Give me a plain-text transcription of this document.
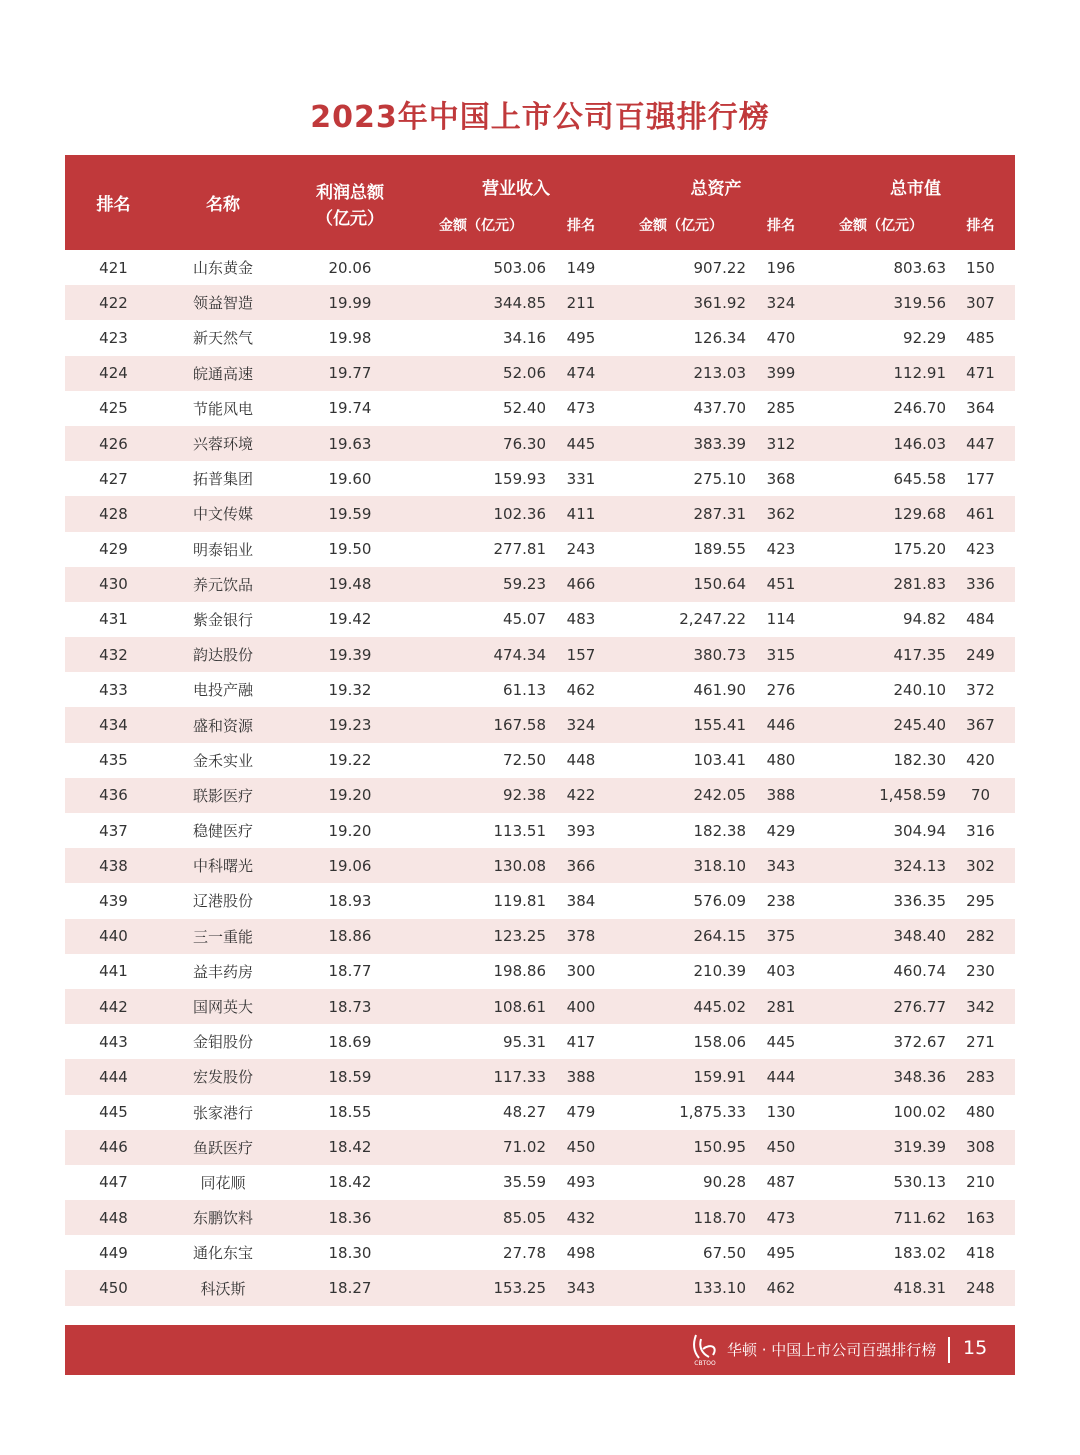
2023年中国上市公司百强排行榜
排名	名称	利润总额
（亿元）	营业收入		总资产		总市值	
			金额（亿元）	排名	金额（亿元）	排名	金额（亿元）	排名
421	山东黄金	20.06	503.06	149	907.22	196	803.63	150
422	领益智造	19.99	344.85	211	361.92	324	319.56	307
423	新天然气	19.98	34.16	495	126.34	470	92.29	485
424	皖通高速	19.77	52.06	474	213.03	399	112.91	471
425	节能风电	19.74	52.40	473	437.70	285	246.70	364
426	兴蓉环境	19.63	76.30	445	383.39	312	146.03	447
427	拓普集团	19.60	159.93	331	275.10	368	645.58	177
428	中文传媒	19.59	102.36	411	287.31	362	129.68	461
429	明泰铝业	19.50	277.81	243	189.55	423	175.20	423
430	养元饮品	19.48	59.23	466	150.64	451	281.83	336
431	紫金银行	19.42	45.07	483	2,247.22	114	94.82	484
432	韵达股份	19.39	474.34	157	380.73	315	417.35	249
433	电投产融	19.32	61.13	462	461.90	276	240.10	372
434	盛和资源	19.23	167.58	324	155.41	446	245.40	367
435	金禾实业	19.22	72.50	448	103.41	480	182.30	420
436	联影医疗	19.20	92.38	422	242.05	388	1,458.59	70
437	稳健医疗	19.20	113.51	393	182.38	429	304.94	316
438	中科曙光	19.06	130.08	366	318.10	343	324.13	302
439	辽港股份	18.93	119.81	384	576.09	238	336.35	295
440	三一重能	18.86	123.25	378	264.15	375	348.40	282
441	益丰药房	18.77	198.86	300	210.39	403	460.74	230
442	国网英大	18.73	108.61	400	445.02	281	276.77	342
443	金钼股份	18.69	95.31	417	158.06	445	372.67	271
444	宏发股份	18.59	117.33	388	159.91	444	348.36	283
445	张家港行	18.55	48.27	479	1,875.33	130	100.02	480
446	鱼跃医疗	18.42	71.02	450	150.95	450	319.39	308
447	同花顺	18.42	35.59	493	90.28	487	530.13	210
448	东鹏饮料	18.36	85.05	432	118.70	473	711.62	163
449	通化东宝	18.30	27.78	498	67.50	495	183.02	418
450	科沃斯	18.27	153.25	343	133.10	462	418.31	248
CBTOO
华顿 · 中国上市公司百强排行榜 15
